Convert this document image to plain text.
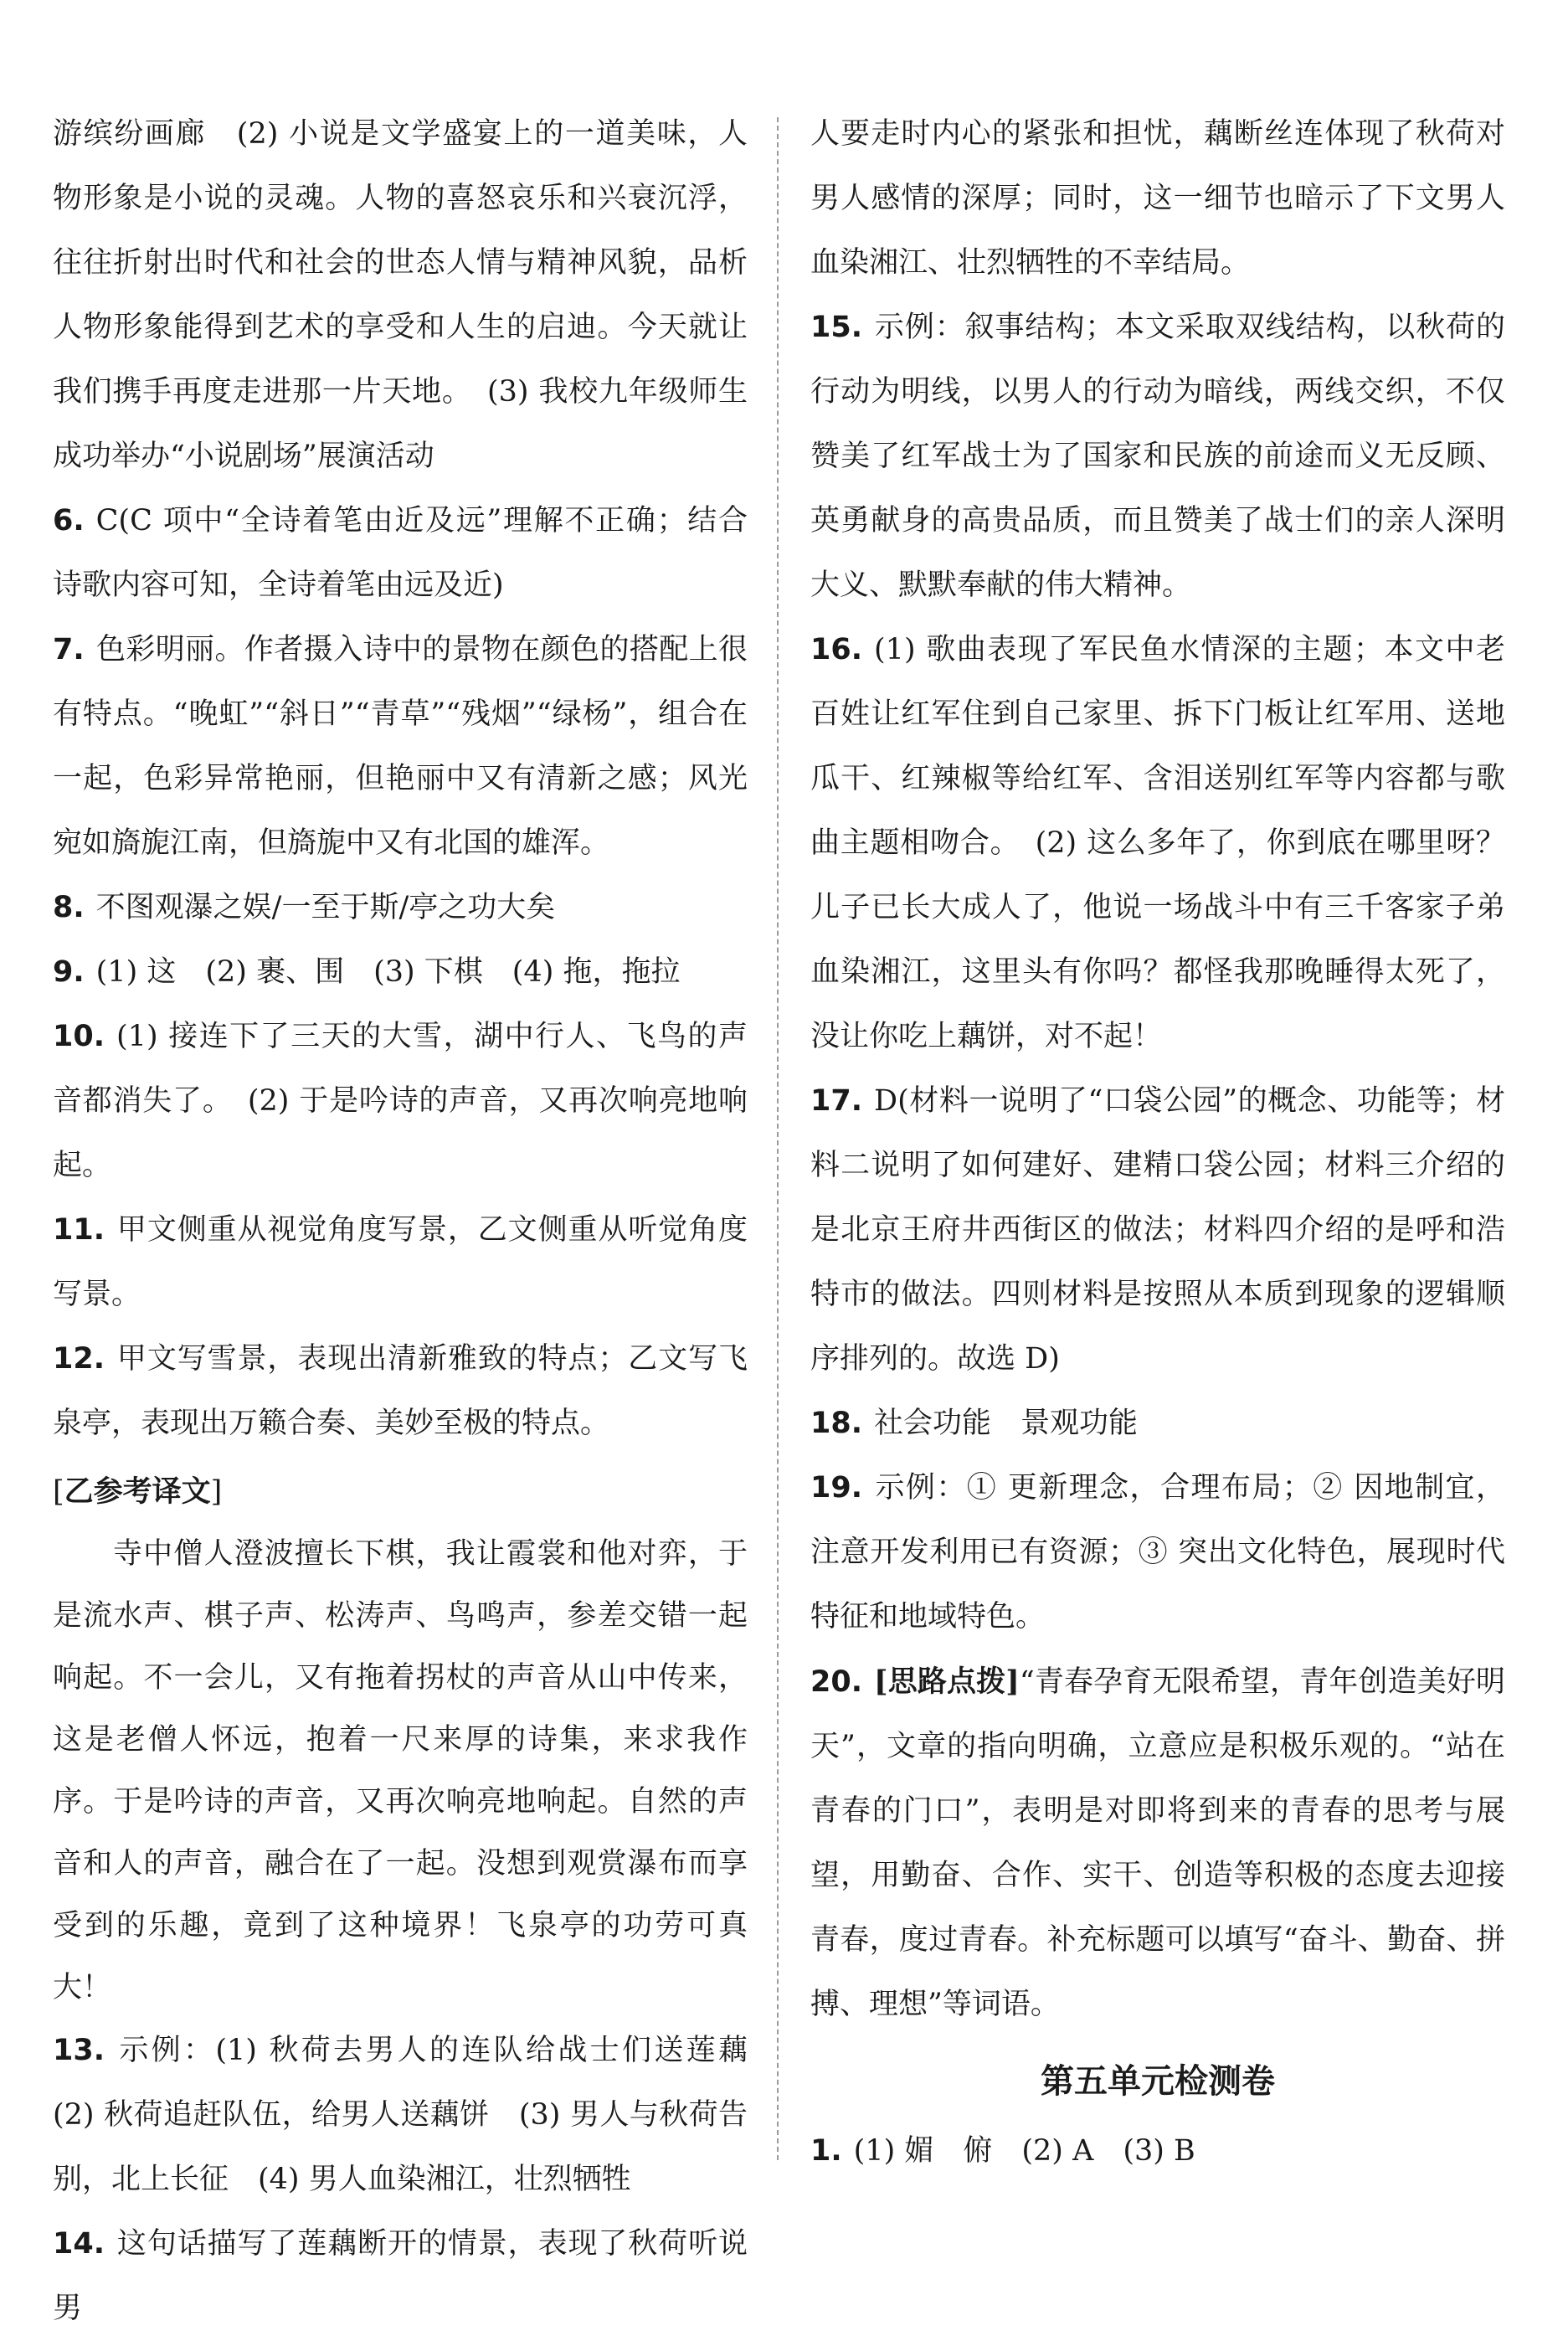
游缤纷画廊　(2) 小说是文学盛宴上的一道美味，人物形象是小说的灵魂。人物的喜怒哀乐和兴衰沉浮，往往折射出时代和社会的世态人情与精神风貌，品析人物形象能得到艺术的享受和人生的启迪。今天就让我们携手再度走进那一片天地。　(3) 我校九年级师生成功举办“小说剧场”展演活动

6. C(C 项中“全诗着笔由近及远”理解不正确；结合诗歌内容可知，全诗着笔由远及近)

7. 色彩明丽。作者摄入诗中的景物在颜色的搭配上很有特点。“晚虹”“斜日”“青草”“残烟”“绿杨”，组合在一起，色彩异常艳丽，但艳丽中又有清新之感；风光宛如旖旎江南，但旖旎中又有北国的雄浑。

8. 不图观瀑之娱/一至于斯/亭之功大矣

9. (1) 这　(2) 裹、围　(3) 下棋　(4) 拖，拖拉

10. (1) 接连下了三天的大雪，湖中行人、飞鸟的声音都消失了。　(2) 于是吟诗的声音，又再次响亮地响起。

11. 甲文侧重从视觉角度写景，乙文侧重从听觉角度写景。

12. 甲文写雪景，表现出清新雅致的特点；乙文写飞泉亭，表现出万籁合奏、美妙至极的特点。

[乙参考译文]

寺中僧人澄波擅长下棋，我让霞裳和他对弈，于是流水声、棋子声、松涛声、鸟鸣声，参差交错一起响起。不一会儿，又有拖着拐杖的声音从山中传来，这是老僧人怀远，抱着一尺来厚的诗集，来求我作序。于是吟诗的声音，又再次响亮地响起。自然的声音和人的声音，融合在了一起。没想到观赏瀑布而享受到的乐趣，竟到了这种境界！飞泉亭的功劳可真大！

13. 示例：(1) 秋荷去男人的连队给战士们送莲藕　(2) 秋荷追赶队伍，给男人送藕饼　(3) 男人与秋荷告别，北上长征　(4) 男人血染湘江，壮烈牺牲

14. 这句话描写了莲藕断开的情景，表现了秋荷听说男

人要走时内心的紧张和担忧，藕断丝连体现了秋荷对男人感情的深厚；同时，这一细节也暗示了下文男人血染湘江、壮烈牺牲的不幸结局。

15. 示例：叙事结构；本文采取双线结构，以秋荷的行动为明线，以男人的行动为暗线，两线交织，不仅赞美了红军战士为了国家和民族的前途而义无反顾、英勇献身的高贵品质，而且赞美了战士们的亲人深明大义、默默奉献的伟大精神。

16. (1) 歌曲表现了军民鱼水情深的主题；本文中老百姓让红军住到自己家里、拆下门板让红军用、送地瓜干、红辣椒等给红军、含泪送别红军等内容都与歌曲主题相吻合。　(2) 这么多年了，你到底在哪里呀？儿子已长大成人了，他说一场战斗中有三千客家子弟血染湘江，这里头有你吗？都怪我那晚睡得太死了，没让你吃上藕饼，对不起！

17. D(材料一说明了“口袋公园”的概念、功能等；材料二说明了如何建好、建精口袋公园；材料三介绍的是北京王府井西街区的做法；材料四介绍的是呼和浩特市的做法。四则材料是按照从本质到现象的逻辑顺序排列的。故选 D)

18. 社会功能　景观功能

19. 示例：① 更新理念，合理布局；② 因地制宜，注意开发利用已有资源；③ 突出文化特色，展现时代特征和地域特色。

20. [思路点拨]“青春孕育无限希望，青年创造美好明天”，文章的指向明确，立意应是积极乐观的。“站在青春的门口”，表明是对即将到来的青春的思考与展望，用勤奋、合作、实干、创造等积极的态度去迎接青春，度过青春。补充标题可以填写“奋斗、勤奋、拼搏、理想”等词语。

第五单元检测卷

1. (1) 媚　俯　(2) A　(3) B
